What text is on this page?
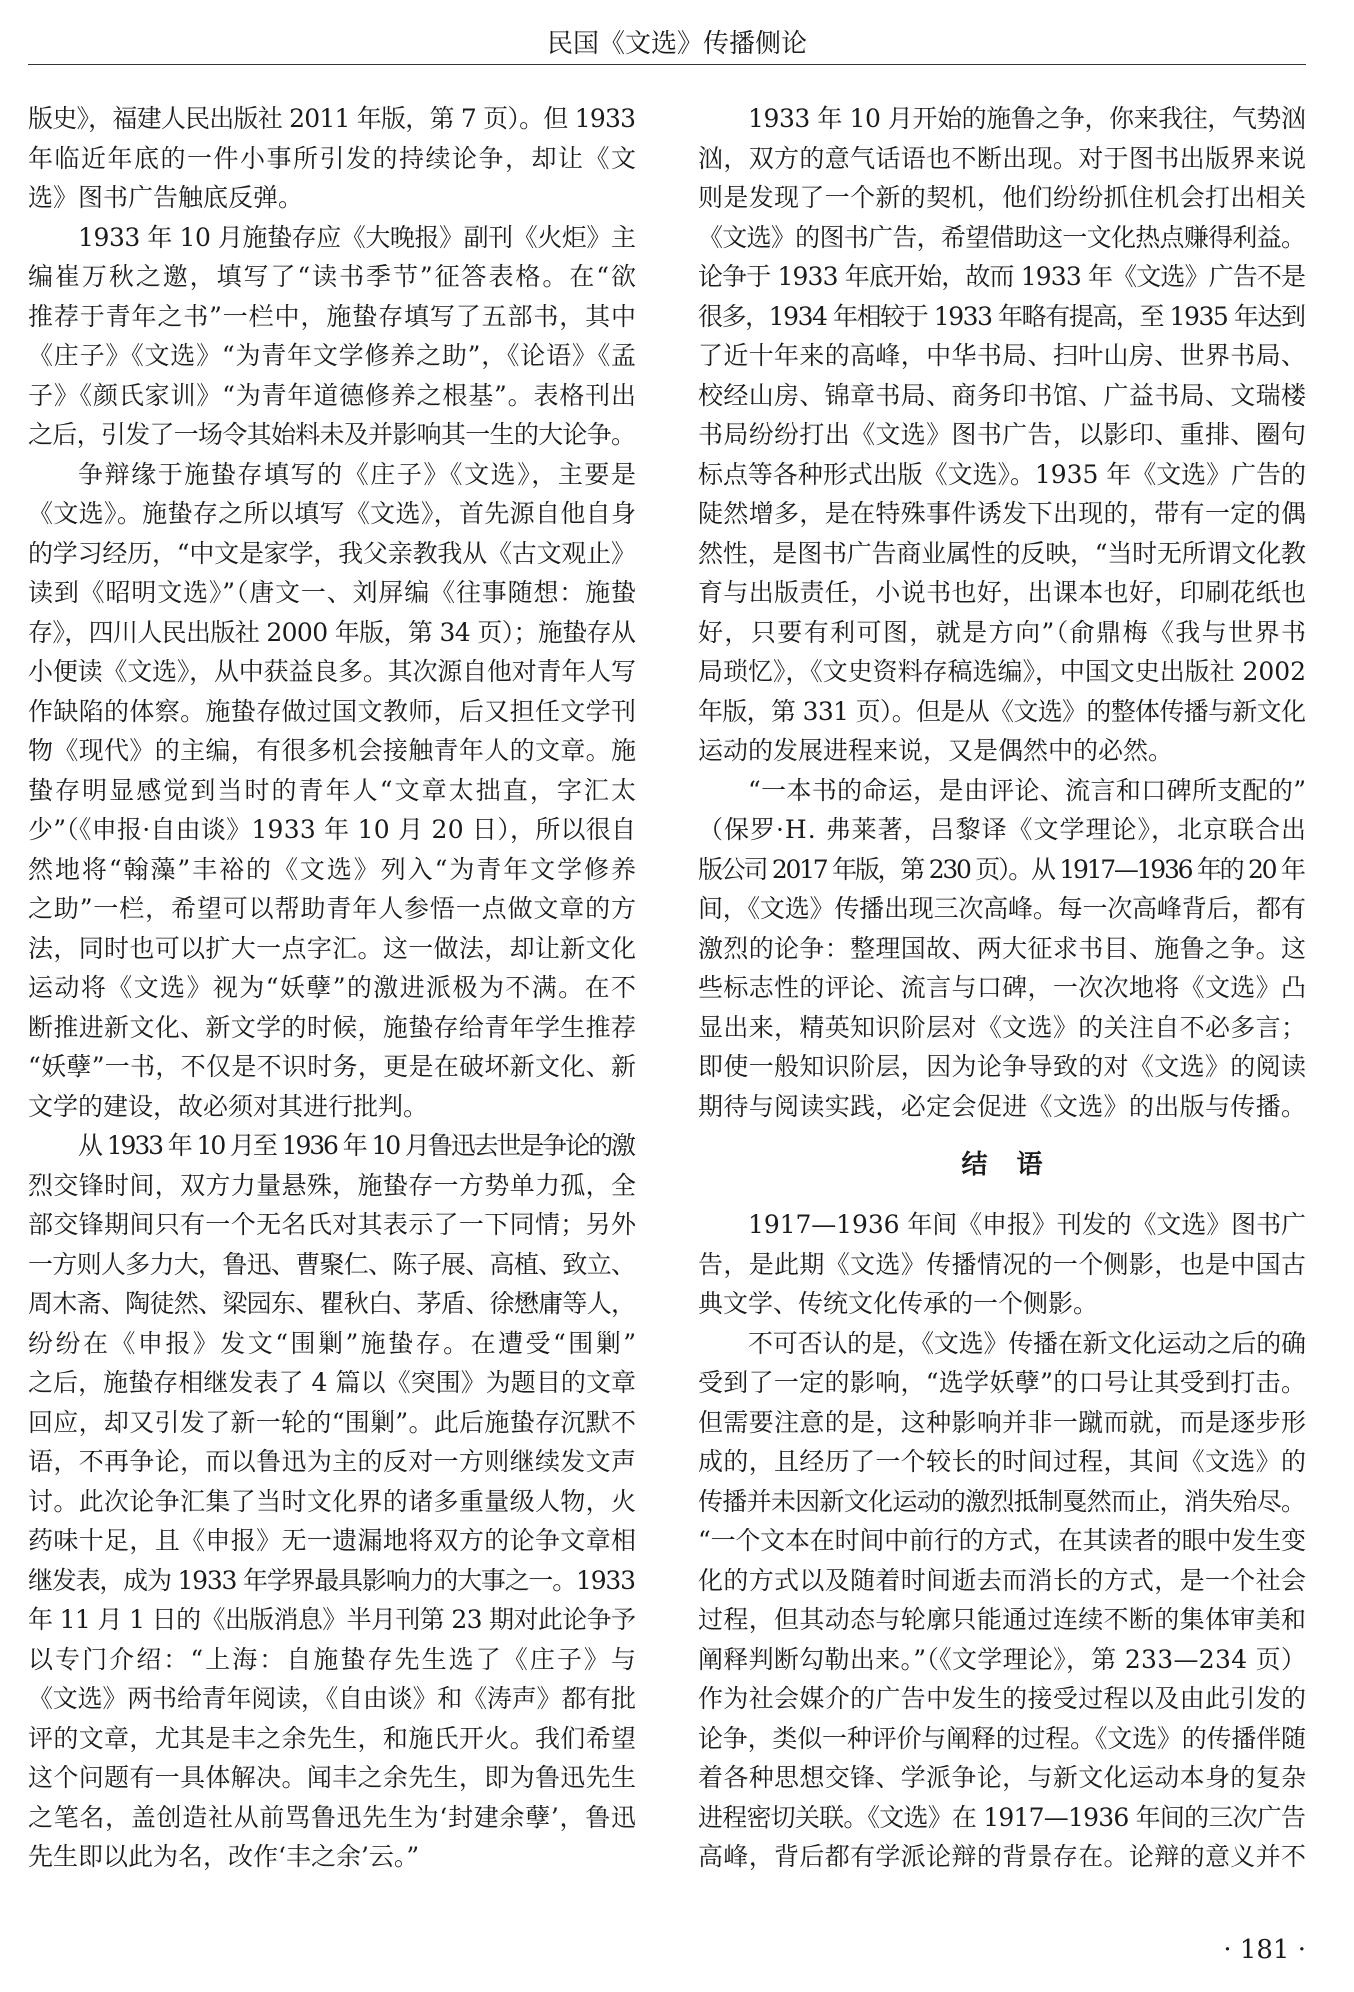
民国《文选》传播侧论
版史》，福建人民出版社 2011 年版，第 7 页）。但 1933
年临近年底的一件小事所引发的持续论争，却让《文
选》图书广告触底反弹。
1933 年 10 月施蛰存应《大晚报》副刊《火炬》主
编崔万秋之邀，填写了“读书季节”征答表格。在“欲
推荐于青年之书”一栏中，施蛰存填写了五部书，其中
《庄子》《文选》“为青年文学修养之助”，《论语》《孟
子》《颜氏家训》“为青年道德修养之根基”。表格刊出
之后，引发了一场令其始料未及并影响其一生的大论争。
争辩缘于施蛰存填写的《庄子》《文选》，主要是
《文选》。施蛰存之所以填写《文选》，首先源自他自身
的学习经历，“中文是家学，我父亲教我从《古文观止》
读到《昭明文选》”（唐文一、刘屏编《往事随想：施蛰
存》，四川人民出版社 2000 年版，第 34 页）；施蛰存从
小便读《文选》，从中获益良多。其次源自他对青年人写
作缺陷的体察。施蛰存做过国文教师，后又担任文学刊
物《现代》的主编，有很多机会接触青年人的文章。施
蛰存明显感觉到当时的青年人“文章太拙直，字汇太
少”（《申报·自由谈》1933 年 10 月 20 日），所以很自
然地将“翰藻”丰裕的《文选》列入“为青年文学修养
之助”一栏，希望可以帮助青年人参悟一点做文章的方
法，同时也可以扩大一点字汇。这一做法，却让新文化
运动将《文选》视为“妖孽”的激进派极为不满。在不
断推进新文化、新文学的时候，施蛰存给青年学生推荐
“妖孽”一书，不仅是不识时务，更是在破坏新文化、新
文学的建设，故必须对其进行批判。
从 1933 年 10 月至 1936 年 10 月鲁迅去世是争论的激
烈交锋时间，双方力量悬殊，施蛰存一方势单力孤，全
部交锋期间只有一个无名氏对其表示了一下同情；另外
一方则人多力大，鲁迅、曹聚仁、陈子展、高植、致立、
周木斋、陶徒然、梁园东、瞿秋白、茅盾、徐懋庸等人，
纷纷在《申报》发文“围剿”施蛰存。在遭受“围剿”
之后，施蛰存相继发表了 4 篇以《突围》为题目的文章
回应，却又引发了新一轮的“围剿”。此后施蛰存沉默不
语，不再争论，而以鲁迅为主的反对一方则继续发文声
讨。此次论争汇集了当时文化界的诸多重量级人物，火
药味十足，且《申报》无一遗漏地将双方的论争文章相
继发表，成为 1933 年学界最具影响力的大事之一。1933
年 11 月 1 日的《出版消息》半月刊第 23 期对此论争予
以专门介绍：“上海：自施蛰存先生选了《庄子》与
《文选》两书给青年阅读，《自由谈》和《涛声》都有批
评的文章，尤其是丰之余先生，和施氏开火。我们希望
这个问题有一具体解决。闻丰之余先生，即为鲁迅先生
之笔名，盖创造社从前骂鲁迅先生为‘封建余孽’，鲁迅
先生即以此为名，改作‘丰之余’云。”
1933 年 10 月开始的施鲁之争，你来我往，气势汹
汹，双方的意气话语也不断出现。对于图书出版界来说
则是发现了一个新的契机，他们纷纷抓住机会打出相关
《文选》的图书广告，希望借助这一文化热点赚得利益。
论争于 1933 年底开始，故而 1933 年《文选》广告不是
很多，1934 年相较于 1933 年略有提高，至 1935 年达到
了近十年来的高峰，中华书局、扫叶山房、世界书局、
校经山房、锦章书局、商务印书馆、广益书局、文瑞楼
书局纷纷打出《文选》图书广告，以影印、重排、圈句
标点等各种形式出版《文选》。1935 年《文选》广告的
陡然增多，是在特殊事件诱发下出现的，带有一定的偶
然性，是图书广告商业属性的反映，“当时无所谓文化教
育与出版责任，小说书也好，出课本也好，印刷花纸也
好，只要有利可图，就是方向”（俞鼎梅《我与世界书
局琐忆》，《文史资料存稿选编》，中国文史出版社 2002
年版，第 331 页）。但是从《文选》的整体传播与新文化
运动的发展进程来说，又是偶然中的必然。
“一本书的命运，是由评论、流言和口碑所支配的”
（保罗·H. 弗莱著，吕黎译《文学理论》，北京联合出
版公司 2017 年版，第 230 页）。从 1917—1936 年的 20 年
间，《文选》传播出现三次高峰。每一次高峰背后，都有
激烈的论争：整理国故、两大征求书目、施鲁之争。这
些标志性的评论、流言与口碑，一次次地将《文选》凸
显出来，精英知识阶层对《文选》的关注自不必多言；
即使一般知识阶层，因为论争导致的对《文选》的阅读
期待与阅读实践，必定会促进《文选》的出版与传播。
结 语
1917—1936 年间《申报》刊发的《文选》图书广
告，是此期《文选》传播情况的一个侧影，也是中国古
典文学、传统文化传承的一个侧影。
不可否认的是，《文选》传播在新文化运动之后的确
受到了一定的影响，“选学妖孽”的口号让其受到打击。
但需要注意的是，这种影响并非一蹴而就，而是逐步形
成的，且经历了一个较长的时间过程，其间《文选》的
传播并未因新文化运动的激烈抵制戛然而止，消失殆尽。
“一个文本在时间中前行的方式，在其读者的眼中发生变
化的方式以及随着时间逝去而消长的方式，是一个社会
过程，但其动态与轮廓只能通过连续不断的集体审美和
阐释判断勾勒出来。”（《文学理论》，第 233—234 页）
作为社会媒介的广告中发生的接受过程以及由此引发的
论争，类似一种评价与阐释的过程。《文选》的传播伴随
着各种思想交锋、学派争论，与新文化运动本身的复杂
进程密切关联。《文选》在 1917—1936 年间的三次广告
高峰，背后都有学派论辩的背景存在。论辩的意义并不
· 181 ·
